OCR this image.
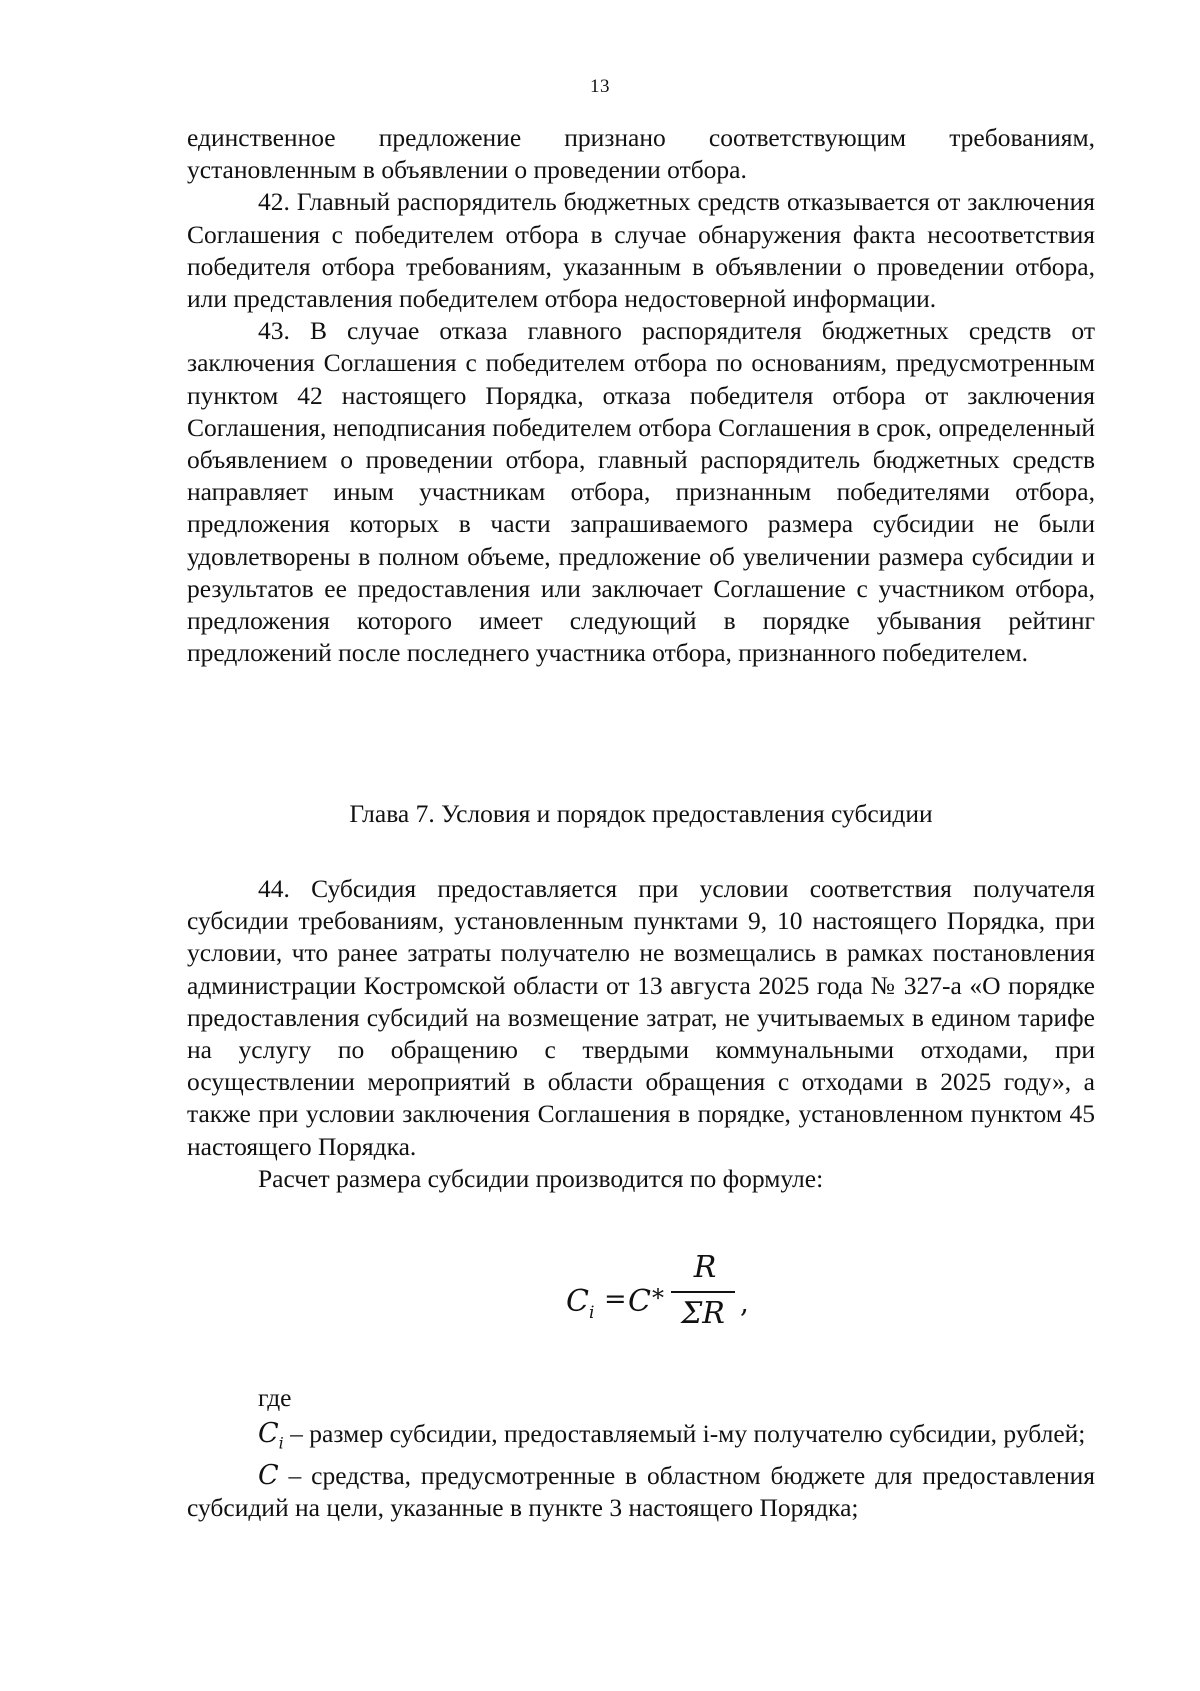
13

единственное предложение признано соответствующим требованиям, установленным в объявлении о проведении отбора.

42. Главный распорядитель бюджетных средств отказывается от заключения Соглашения с победителем отбора в случае обнаружения факта несоответствия победителя отбора требованиям, указанным в объявлении о проведении отбора, или представления победителем отбора недостоверной информации.

43. В случае отказа главного распорядителя бюджетных средств от заключения Соглашения с победителем отбора по основаниям, предусмотренным пунктом 42 настоящего Порядка, отказа победителя отбора от заключения Соглашения, неподписания победителем отбора Соглашения в срок, определенный объявлением о проведении отбора, главный распорядитель бюджетных средств направляет иным участникам отбора, признанным победителями отбора, предложения которых в части запрашиваемого размера субсидии не были удовлетворены в полном объеме, предложение об увеличении размера субсидии и результатов ее предоставления или заключает Соглашение с участником отбора, предложения которого имеет следующий в порядке убывания рейтинг предложений после последнего участника отбора, признанного победителем.

Глава 7. Условия и порядок предоставления субсидии

44. Субсидия предоставляется при условии соответствия получателя субсидии требованиям, установленным пунктами 9, 10 настоящего Порядка, при условии, что ранее затраты получателю не возмещались в рамках постановления администрации Костромской области от 13 августа 2025 года № 327-а «О порядке предоставления субсидий на возмещение затрат, не учитываемых в едином тарифе на услугу по обращению с твердыми коммунальными отходами, при осуществлении мероприятий в области обращения с отходами в 2025 году», а также при условии заключения Соглашения в порядке, установленном пунктом 45 настоящего Порядка.

Расчет размера субсидии производится по формуле:

$C_i = C$ *
R
ΣR ,

где

$C_i$ – размер субсидии, предоставляемый i-му получателю субсидии, рублей;

C – средства, предусмотренные в областном бюджете для предоставления субсидий на цели, указанные в пункте 3 настоящего Порядка;
